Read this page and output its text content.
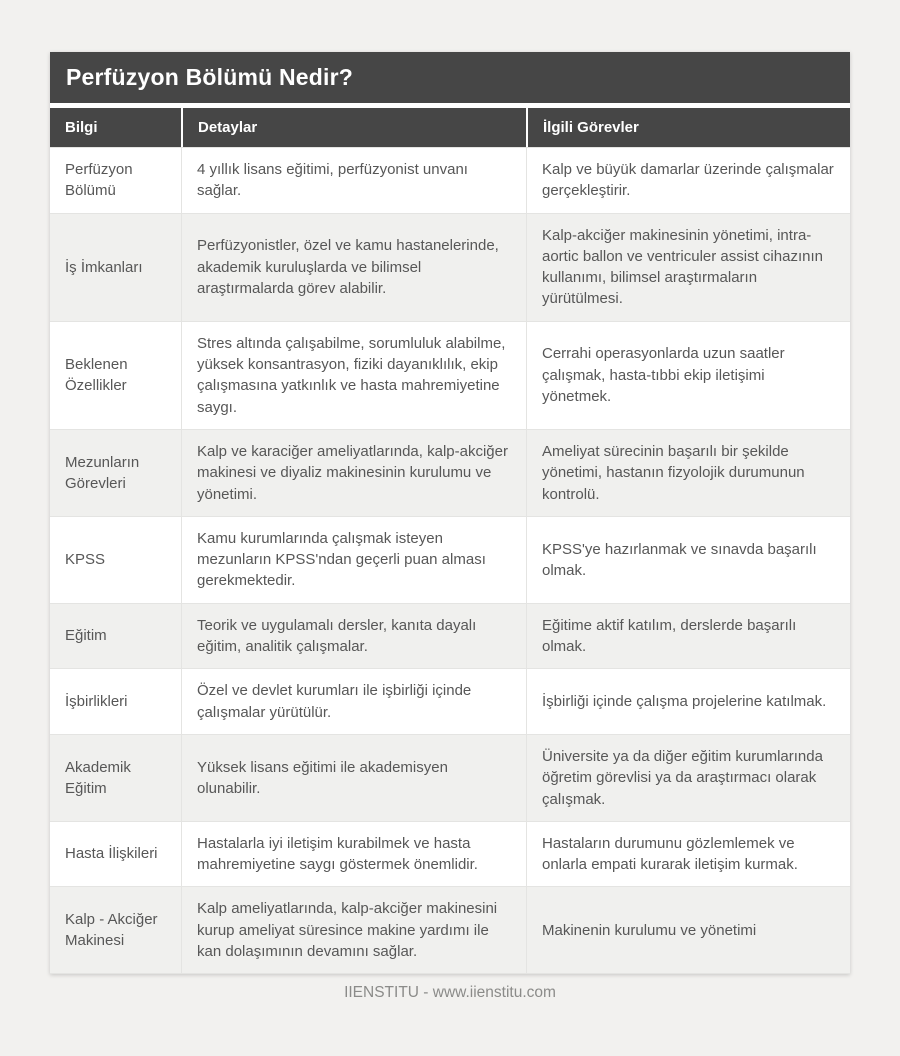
Perfüzyon Bölümü Nedir?
Bilgi	Detaylar	İlgili Görevler
Perfüzyon Bölümü	4 yıllık lisans eğitimi, perfüzyonist unvanı sağlar.	Kalp ve büyük damarlar üzerinde çalışmalar gerçekleştirir.
İş İmkanları	Perfüzyonistler, özel ve kamu hastanelerinde, akademik kuruluşlarda ve bilimsel araştırmalarda görev alabilir.	Kalp-akciğer makinesinin yönetimi, intra-aortic ballon ve ventriculer assist cihazının kullanımı, bilimsel araştırmaların yürütülmesi.
Beklenen Özellikler	Stres altında çalışabilme, sorumluluk alabilme, yüksek konsantrasyon, fiziki dayanıklılık, ekip çalışmasına yatkınlık ve hasta mahremiyetine saygı.	Cerrahi operasyonlarda uzun saatler çalışmak, hasta-tıbbi ekip iletişimi yönetmek.
Mezunların Görevleri	Kalp ve karaciğer ameliyatlarında, kalp-akciğer makinesi ve diyaliz makinesinin kurulumu ve yönetimi.	Ameliyat sürecinin başarılı bir şekilde yönetimi, hastanın fizyolojik durumunun kontrolü.
KPSS	Kamu kurumlarında çalışmak isteyen mezunların KPSS'ndan geçerli puan alması gerekmektedir.	KPSS'ye hazırlanmak ve sınavda başarılı olmak.
Eğitim	Teorik ve uygulamalı dersler, kanıta dayalı eğitim, analitik çalışmalar.	Eğitime aktif katılım, derslerde başarılı olmak.
İşbirlikleri	Özel ve devlet kurumları ile işbirliği içinde çalışmalar yürütülür.	İşbirliği içinde çalışma projelerine katılmak.
Akademik Eğitim	Yüksek lisans eğitimi ile akademisyen olunabilir.	Üniversite ya da diğer eğitim kurumlarında öğretim görevlisi ya da araştırmacı olarak çalışmak.
Hasta İlişkileri	Hastalarla iyi iletişim kurabilmek ve hasta mahremiyetine saygı göstermek önemlidir.	Hastaların durumunu gözlemlemek ve onlarla empati kurarak iletişim kurmak.
Kalp - Akciğer Makinesi	Kalp ameliyatlarında, kalp-akciğer makinesini kurup ameliyat süresince makine yardımı ile kan dolaşımının devamını sağlar.	Makinenin kurulumu ve yönetimi
IIENSTITU - www.iienstitu.com
